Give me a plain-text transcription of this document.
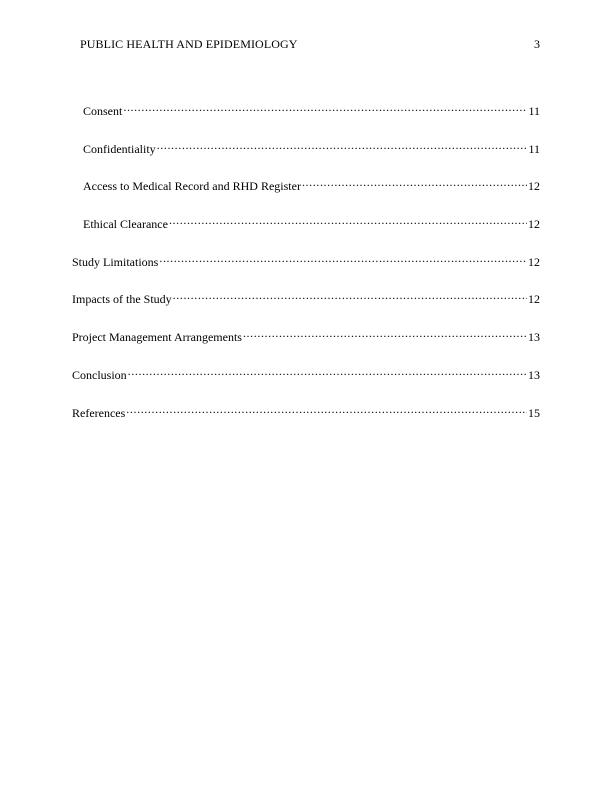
PUBLIC HEALTH AND EPIDEMIOLOGY	3
Consent .....	11
Confidentiality .....	11
Access to Medical Record and RHD Register .....	12
Ethical Clearance .....	12
Study Limitations .....	12
Impacts of the Study .....	12
Project Management Arrangements .....	13
Conclusion .....	13
References .....	15
